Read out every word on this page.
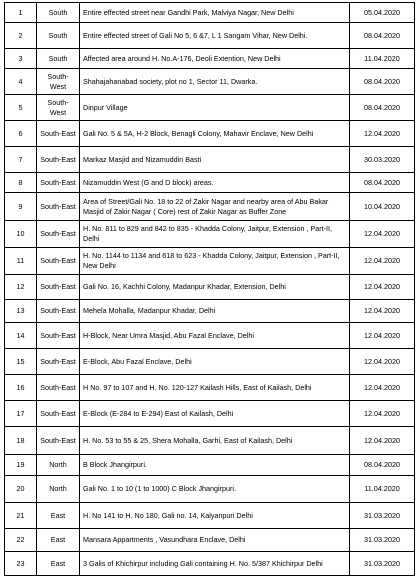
1	South	Entire effected street near Gandhi Park, Malviya Nagar, New Delhi	05.04.2020
2	South	Entire effected street of Gali No 5, 6 &7, L 1 Sangam Vihar, New Delhi.	08.04.2020
3	South	Affected area around H. No.A-176, Deoli Extention, New Delhi	11.04.2020
4	South-West	Shahajahanabad society, plot no 1, Sector 11, Dwarka.	08.04.2020
5	South-West	Dinpur Village	08.04.2020
6	South-East	Gali No. 5 & 5A, H-2 Block, Benagli Colony, Mahavir Enclave, New Delhi	12.04.2020
7	South-East	Markaz Masjid and Nizamuddin Basti	30.03.2020
8	South-East	Nizamuddin West (G and D block) areas.	08.04.2020
9	South-East	Area of Street/Gali No. 18 to 22 of Zakir Nagar and nearby area of Abu Bakar Masjid of Zakir Nagar ( Core) rest of Zakir Nagar as Buffer Zone	10.04.2020
10	South-East	H. No. 811 to 829 and 842 to 835 - Khadda Colony, Jaitpur, Extension , Part-II, Delhi	12.04.2020
11	South-East	H. No. 1144 to 1134 and 618 to 623 - Khadda Colony, Jaitpur, Extension , Part-II, New Delhi	12.04.2020
12	South-East	Gali No. 16, Kachhi Colony, Madanpur Khadar, Extension, Delhi	12.04.2020
13	South-East	Mehela Mohalla, Madanpur Khadar, Delhi	12.04.2020
14	South-East	H-Block, Near Umra Masjid, Abu Fazal Enclave, Delhi	12.04.2020
15	South-East	E-Block, Abu Fazal Enclave, Delhi	12.04.2020
16	South-East	H No. 97 to 107 and H. No. 120-127 Kailash Hills, East of Kailash, Delhi	12.04.2020
17	South-East	E-Block (E-284 to E-294) East of Kailash, Delhi	12.04.2020
18	South-East	H. No. 53 to 55 & 25, Shera Mohalla, Garhi, East of Kailash, Delhi	12.04.2020
19	North	B Block Jhangirpuri.	08.04.2020
20	North	Gali No. 1 to 10 (1 to 1000) C Block Jhangirpuri.	11.04.2020
21	East	H. No 141 to H. No 180, Gali no. 14, Kalyanpuri Delhi	31.03.2020
22	East	Mansara Appartments , Vasundhara Enclave, Delhi	31.03.2020
23	East	3 Galis of Khichirpur including Gali containing H. No. 5/387 Khichirpur Delhi	31.03.2020
